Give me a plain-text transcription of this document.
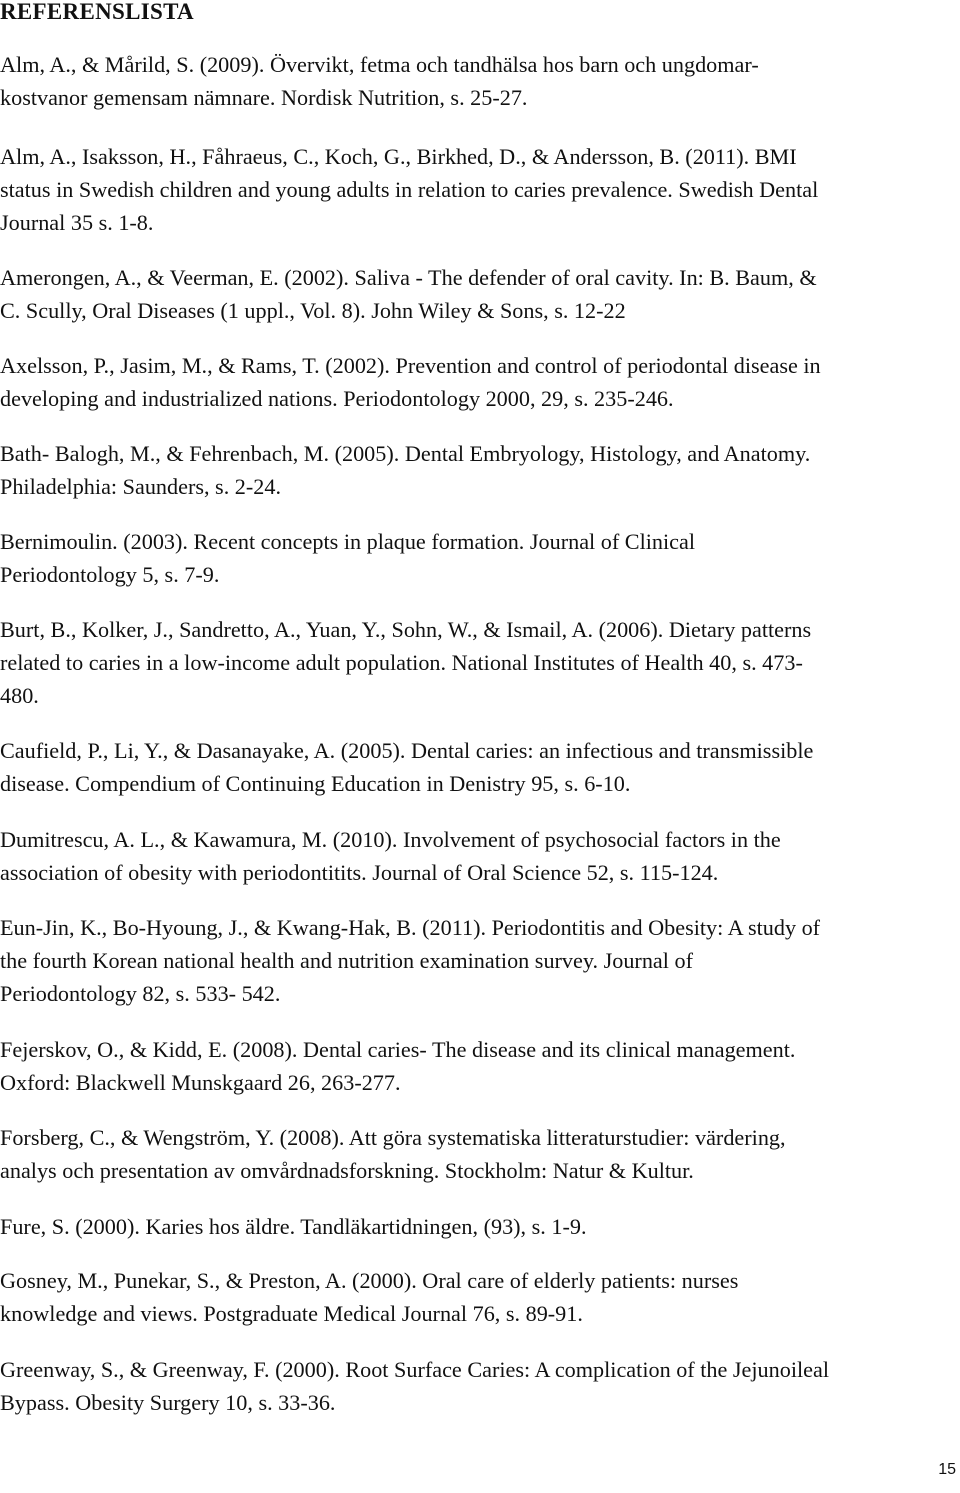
REFERENSLISTA
Alm, A., & Mårild, S. (2009). Övervikt, fetma och tandhälsa hos barn och ungdomar-
kostvanor gemensam nämnare. Nordisk Nutrition, s. 25-27.
Alm, A., Isaksson, H., Fåhraeus, C., Koch, G., Birkhed, D., & Andersson, B. (2011). BMI
status in Swedish children and young adults in relation to caries prevalence. Swedish Dental
Journal 35 s. 1-8.
Amerongen, A., & Veerman, E. (2002). Saliva - The defender of oral cavity. In: B. Baum, &
C. Scully, Oral Diseases (1 uppl., Vol. 8). John Wiley & Sons, s. 12-22
Axelsson, P., Jasim, M., & Rams, T. (2002). Prevention and control of periodontal disease in
developing and industrialized nations. Periodontology 2000, 29, s. 235-246.
Bath- Balogh, M., & Fehrenbach, M. (2005). Dental Embryology, Histology, and Anatomy.
Philadelphia: Saunders, s. 2-24.
Bernimoulin. (2003). Recent concepts in plaque formation. Journal of Clinical
Periodontology 5, s. 7-9.
Burt, B., Kolker, J., Sandretto, A., Yuan, Y., Sohn, W., & Ismail, A. (2006). Dietary patterns
related to caries in a low-income adult population. National Institutes of Health 40, s. 473-
480.
Caufield, P., Li, Y., & Dasanayake, A. (2005). Dental caries: an infectious and transmissible
disease. Compendium of Continuing Education in Denistry 95, s. 6-10.
Dumitrescu, A. L., & Kawamura, M. (2010). Involvement of psychosocial factors in the
association of obesity with periodontitits. Journal of Oral Science 52, s. 115-124.
Eun-Jin, K., Bo-Hyoung, J., & Kwang-Hak, B. (2011). Periodontitis and Obesity: A study of
the fourth Korean national health and nutrition examination survey. Journal of
Periodontology 82, s. 533- 542.
Fejerskov, O., & Kidd, E. (2008). Dental caries- The disease and its clinical management.
Oxford: Blackwell Munskgaard 26, 263-277.
Forsberg, C., & Wengström, Y. (2008). Att göra systematiska litteraturstudier: värdering,
analys och presentation av omvårdnadsforskning. Stockholm: Natur & Kultur.
Fure, S. (2000). Karies hos äldre. Tandläkartidningen, (93), s. 1-9.
Gosney, M., Punekar, S., & Preston, A. (2000). Oral care of elderly patients: nurses
knowledge and views. Postgraduate Medical Journal 76, s. 89-91.
Greenway, S., & Greenway, F. (2000). Root Surface Caries: A complication of the Jejunoileal
Bypass. Obesity Surgery 10, s. 33-36.
15
